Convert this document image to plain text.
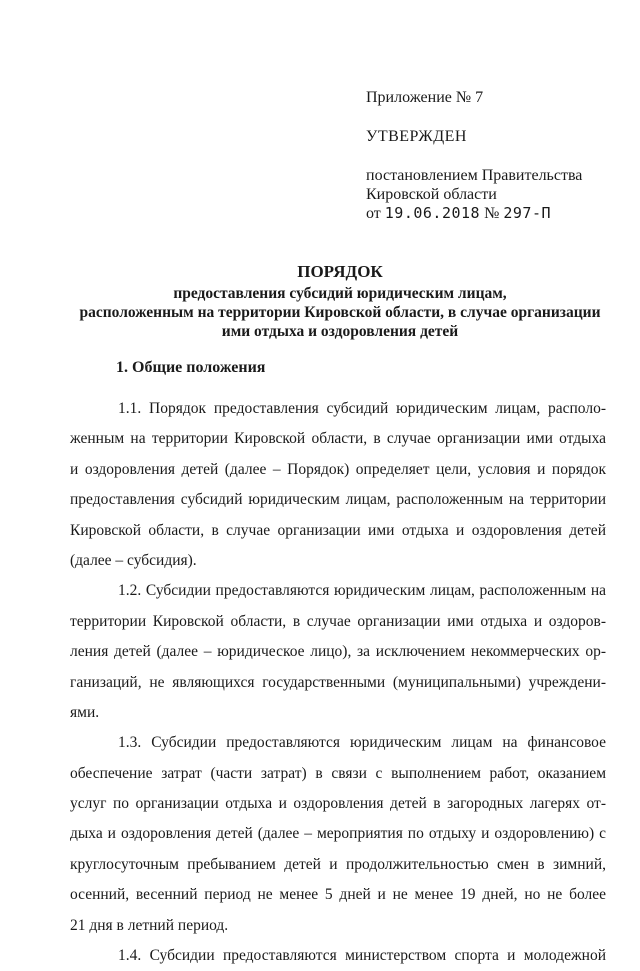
Приложение № 7
УТВЕРЖДЕН
постановлением Правительства
Кировской области
от 19.06.2018 № 297-П
ПОРЯДОК
предоставления субсидий юридическим лицам,
расположенным на территории Кировской области, в случае организации
ими отдыха и оздоровления детей
1. Общие положения
1.1. Порядок предоставления субсидий юридическим лицам, располо-
женным на территории Кировской области, в случае организации ими отдыха
и оздоровления детей (далее – Порядок) определяет цели, условия и порядок
предоставления субсидий юридическим лицам, расположенным на территории
Кировской области, в случае организации ими отдыха и оздоровления детей
(далее – субсидия).
1.2. Субсидии предоставляются юридическим лицам, расположенным на
территории Кировской области, в случае организации ими отдыха и оздоров-
ления детей (далее – юридическое лицо), за исключением некоммерческих ор-
ганизаций, не являющихся государственными (муниципальными) учреждени-
ями.
1.3. Субсидии предоставляются юридическим лицам на финансовое
обеспечение затрат (части затрат) в связи с выполнением работ, оказанием
услуг по организации отдыха и оздоровления детей в загородных лагерях от-
дыха и оздоровления детей (далее – мероприятия по отдыху и оздоровлению) с
круглосуточным пребыванием детей и продолжительностью смен в зимний,
осенний, весенний период не менее 5 дней и не менее 19 дней, но не более
21 дня в летний период.
1.4. Субсидии предоставляются министерством спорта и молодежной
